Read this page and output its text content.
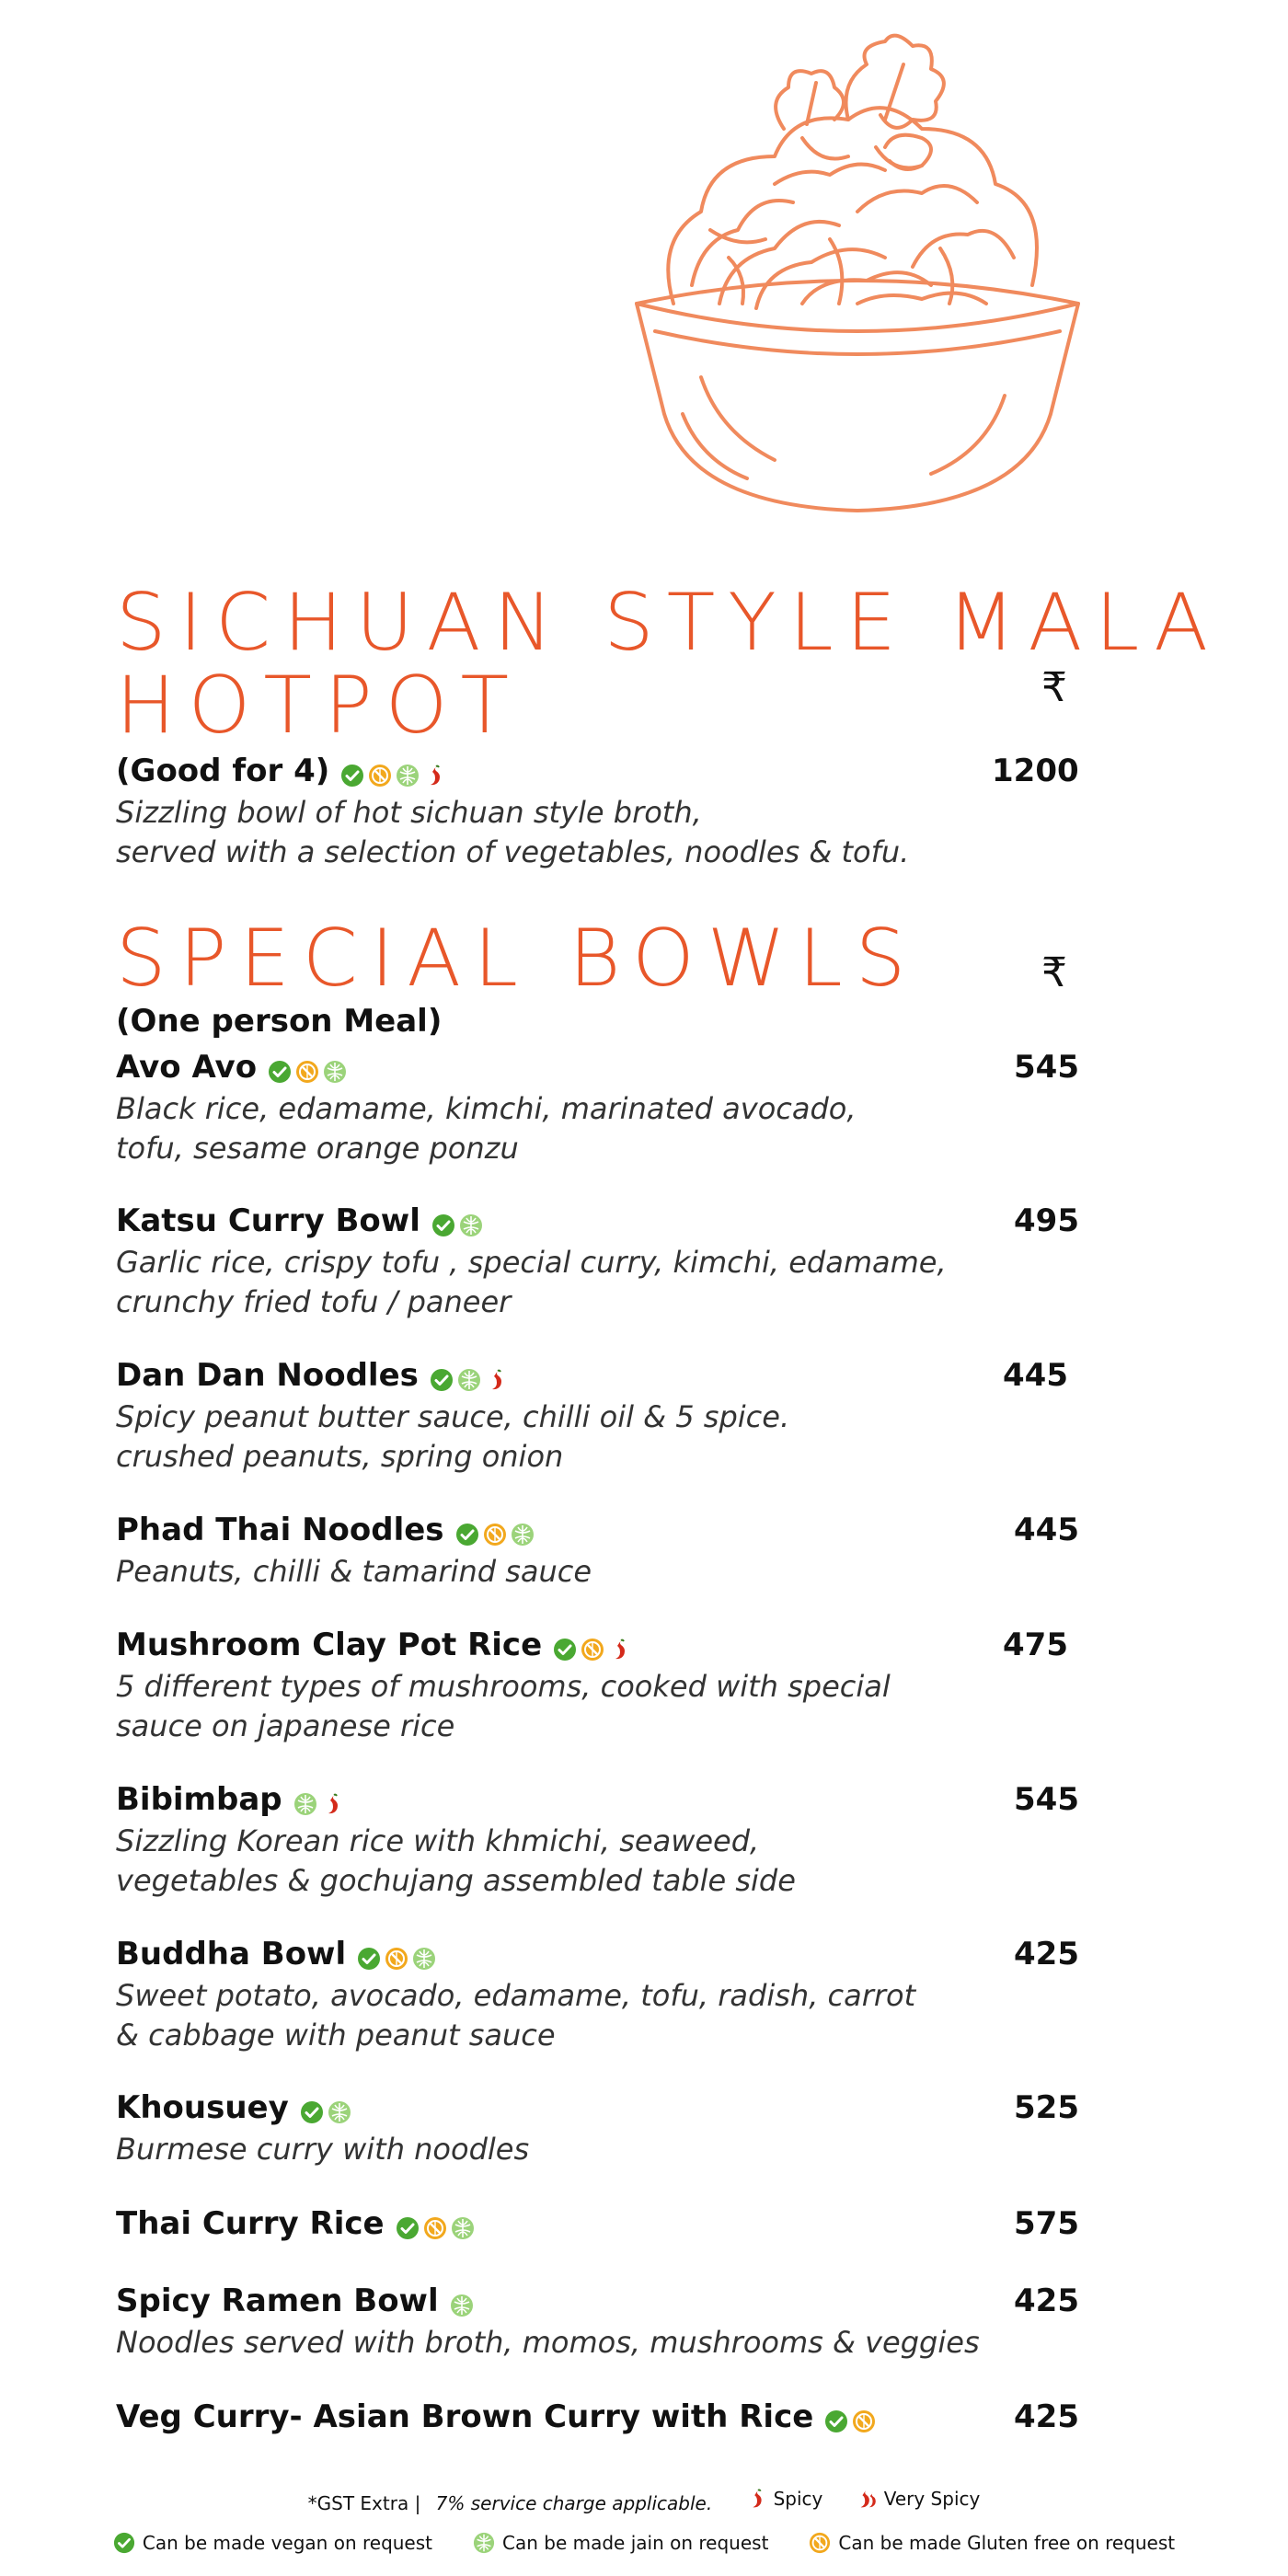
SICHUAN STYLE MALA
HOTPOT	₹
(Good for 4)	1200
Sizzling bowl of hot sichuan style broth,
served with a selection of vegetables, noodles & tofu.
SPECIAL BOWLS	₹
(One person Meal)
Avo Avo	545
Black rice, edamame, kimchi, marinated avocado,
tofu, sesame orange ponzu
Katsu Curry Bowl	495
Garlic rice, crispy tofu , special curry, kimchi, edamame,
crunchy fried tofu / paneer
Dan Dan Noodles	445
Spicy peanut butter sauce, chilli oil & 5 spice.
crushed peanuts, spring onion
Phad Thai Noodles	445
Peanuts, chilli & tamarind sauce
Mushroom Clay Pot Rice	475
5 different types of mushrooms, cooked with special
sauce on japanese rice
Bibimbap	545
Sizzling Korean rice with khmichi, seaweed,
vegetables & gochujang assembled table side
Buddha Bowl	425
Sweet potato, avocado, edamame, tofu, radish, carrot
& cabbage with peanut sauce
Khousuey	525
Burmese curry with noodles
Thai Curry Rice	575
Spicy Ramen Bowl	425
Noodles served with broth, momos, mushrooms & veggies
Veg Curry- Asian Brown Curry with Rice	425
*GST Extra | 7% service charge applicable.	Spicy
	Very Spicy
Can be made vegan on request	Can be made jain on request	Can be made Gluten free on request
